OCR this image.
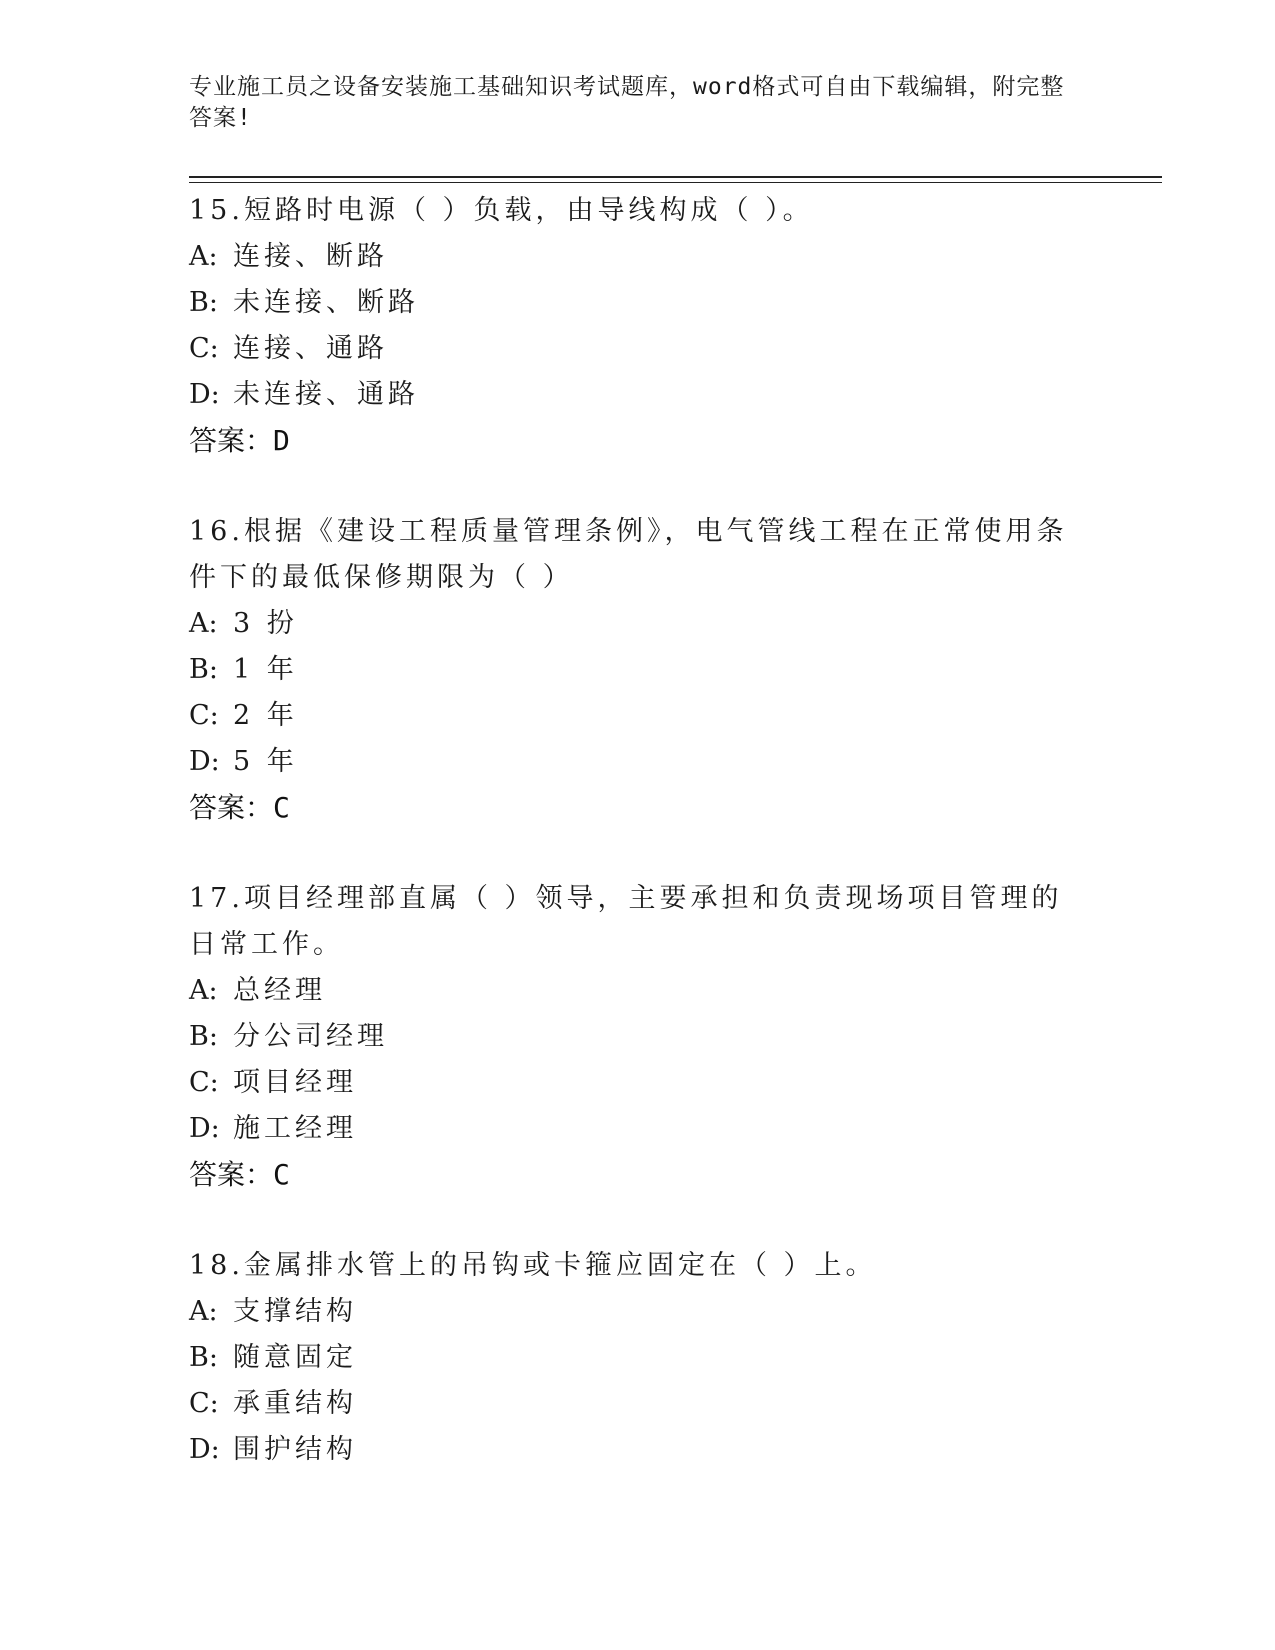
专业施工员之设备安装施工基础知识考试题库，word格式可自由下载编辑，附完整答案!
15.短路时电源（ ）负载，由导线构成（ ）。
A: 连接、断路
B: 未连接、断路
C: 连接、通路
D: 未连接、通路
答案：D
16.根据《建设工程质量管理条例》，电气管线工程在正常使用条件下的最低保修期限为（ ）
A: 3 扮
B: 1 年
C: 2 年
D: 5 年
答案：C
17.项目经理部直属（ ）领导，主要承担和负责现场项目管理的日常工作。
A: 总经理
B: 分公司经理
C: 项目经理
D: 施工经理
答案：C
18.金属排水管上的吊钩或卡箍应固定在（ ）上。
A: 支撑结构
B: 随意固定
C: 承重结构
D: 围护结构
